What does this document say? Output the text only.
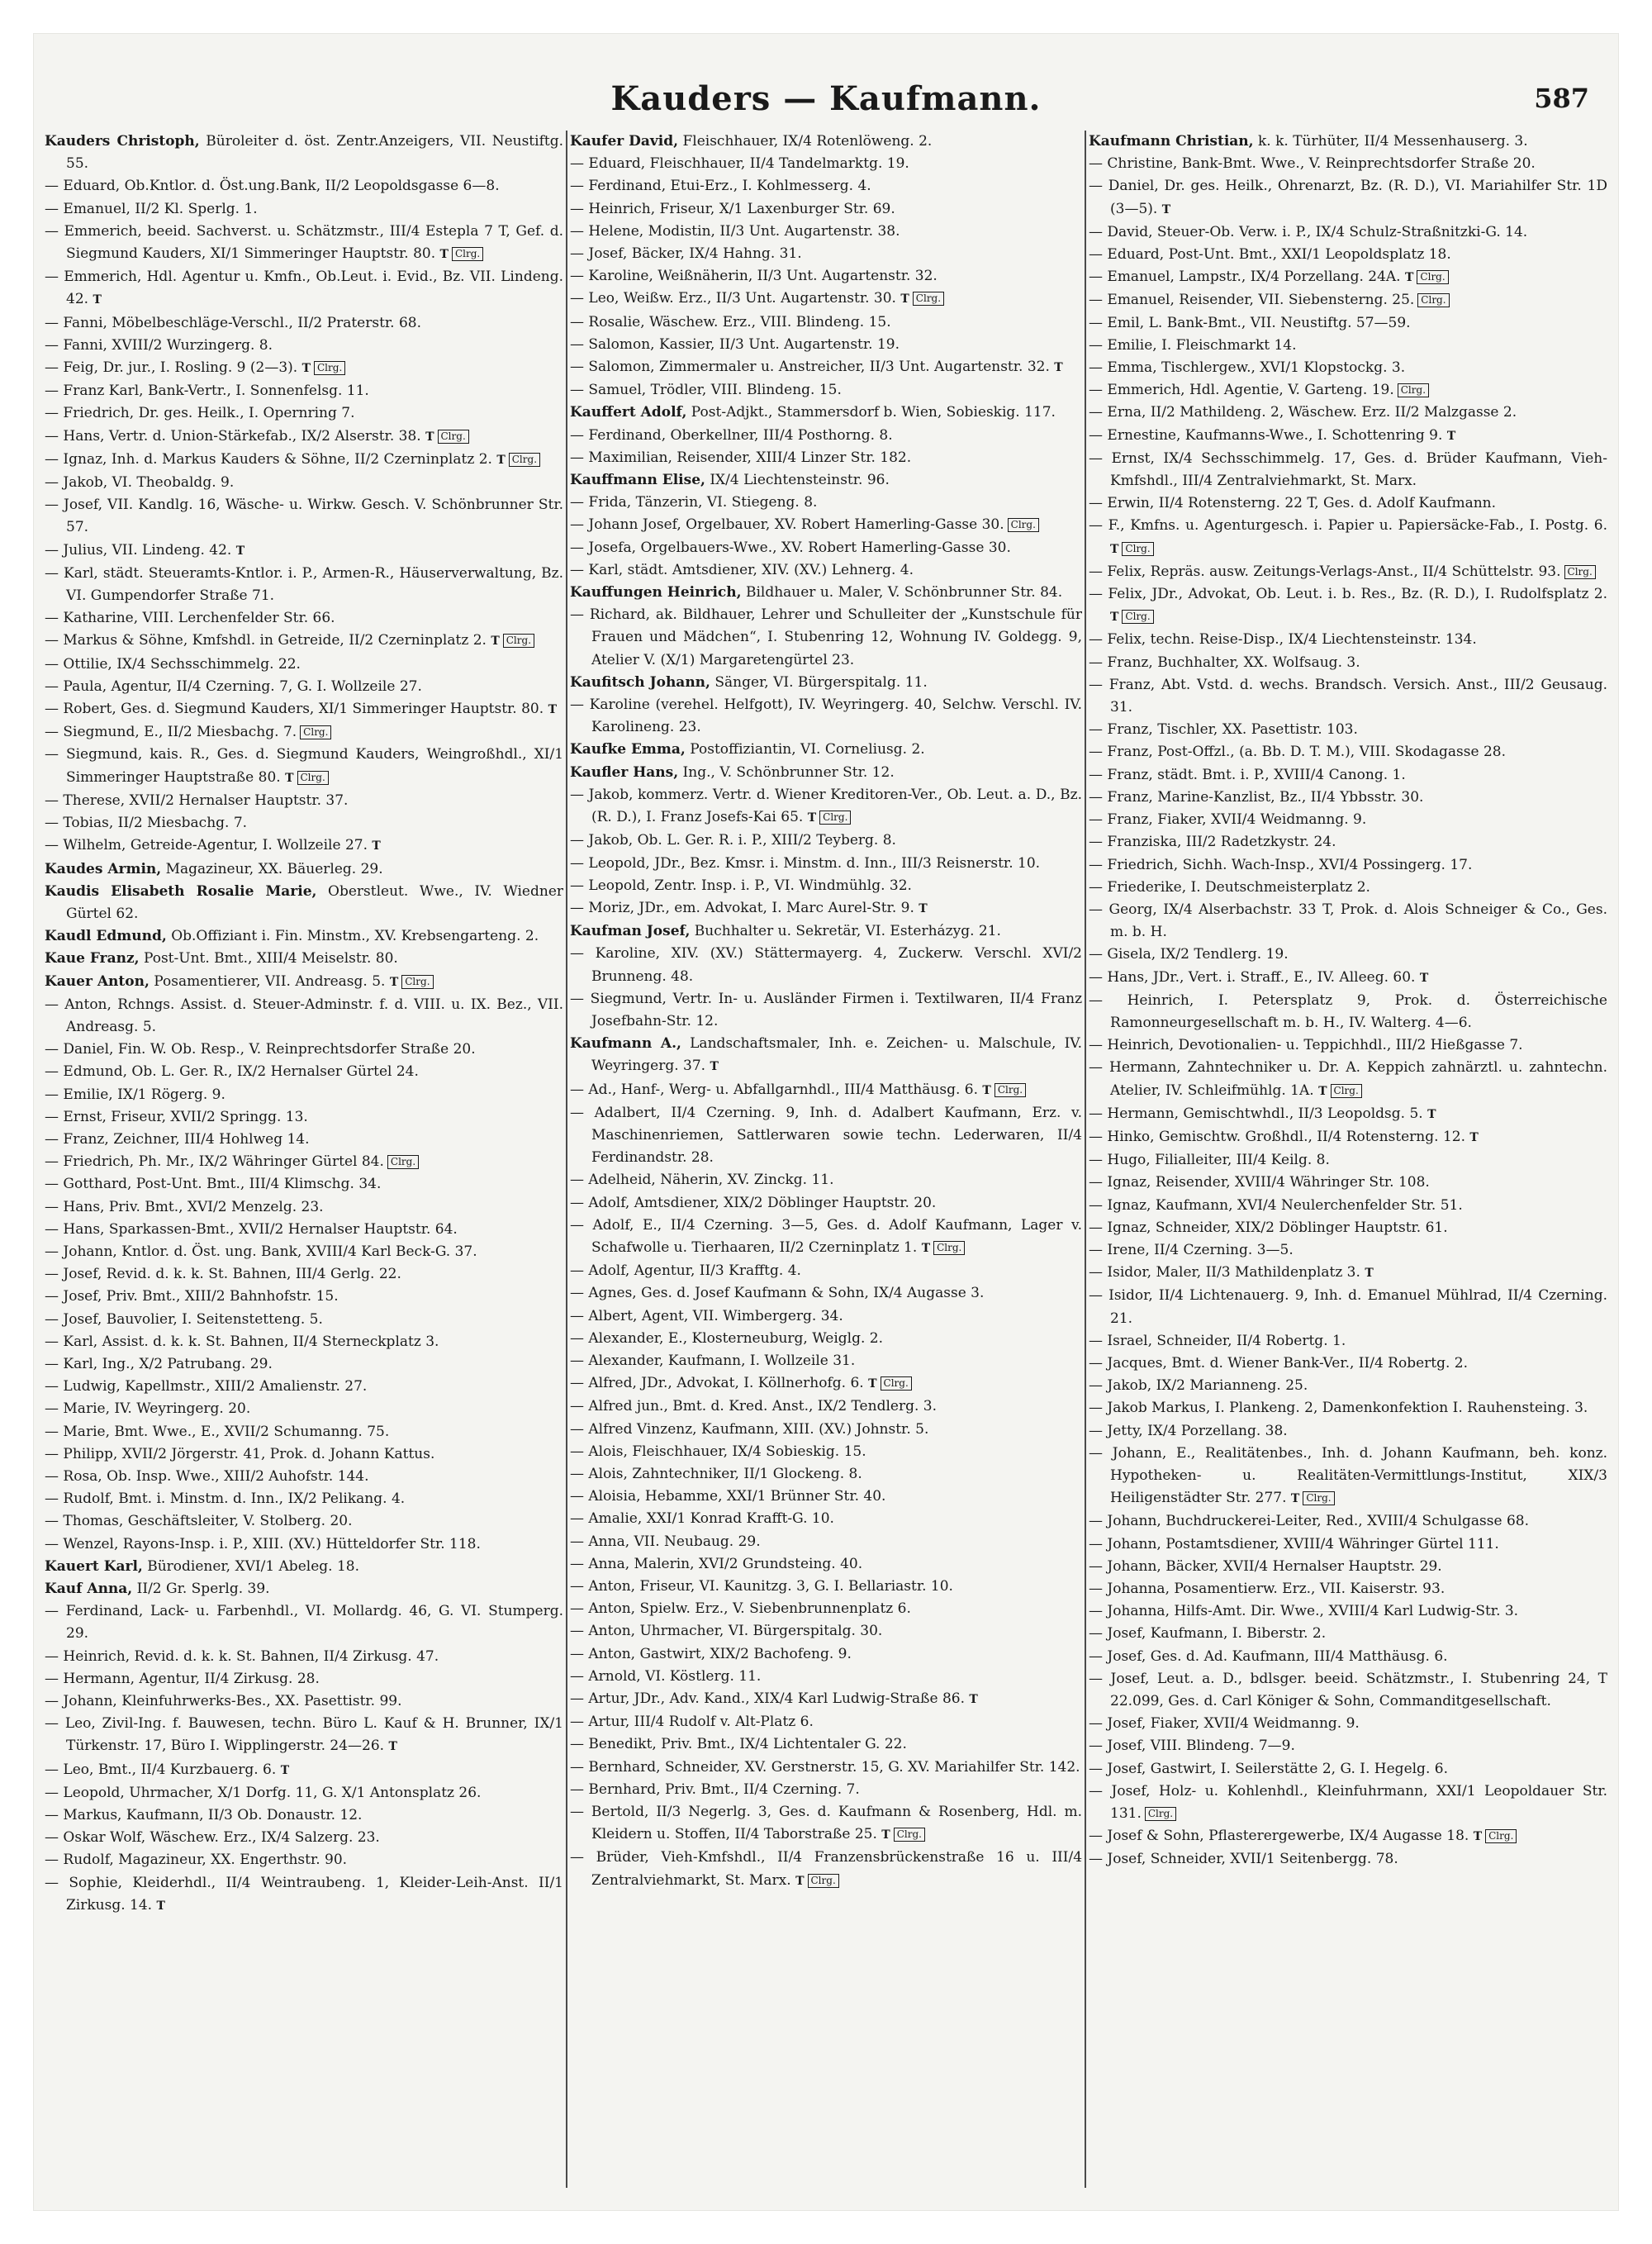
Kauders — Kaufmann.	587
Kauders Christoph, Büroleiter d. öst. Zentr.Anzeigers, VII. Neustiftg. 55.
— Eduard, Ob.Kntlor. d. Öst.ung.Bank, II/2 Leopoldsgasse 6—8.
— Emanuel, II/2 Kl. Sperlg. 1.
— Emmerich, beeid. Sachverst. u. Schätzmstr., III/4 Estepla 7 T, Gef. d. Siegmund Kauders, XI/1 Simmeringer Hauptstr. 80. T Clrg.
— Emmerich, Hdl. Agentur u. Kmfn., Ob.Leut. i. Evid., Bz. VII. Lindeng. 42. T
— Fanni, Möbelbeschläge-Verschl., II/2 Praterstr. 68.
— Fanni, XVIII/2 Wurzingerg. 8.
— Feig, Dr. jur., I. Rosling. 9 (2—3). T Clrg.
— Franz Karl, Bank-Vertr., I. Sonnenfelsg. 11.
— Friedrich, Dr. ges. Heilk., I. Opernring 7.
— Hans, Vertr. d. Union-Stärkefab., IX/2 Alserstr. 38. T Clrg.
— Ignaz, Inh. d. Markus Kauders & Söhne, II/2 Czerninplatz 2. T Clrg.
— Jakob, VI. Theobaldg. 9.
— Josef, VII. Kandlg. 16, Wäsche- u. Wirkw. Gesch. V. Schönbrunner Str. 57.
— Julius, VII. Lindeng. 42. T
— Karl, städt. Steueramts-Kntlor. i. P., Armen-R., Häuserverwaltung, Bz. VI. Gumpendorfer Straße 71.
— Katharine, VIII. Lerchenfelder Str. 66.
— Markus & Söhne, Kmfshdl. in Getreide, II/2 Czerninplatz 2. T Clrg.
— Ottilie, IX/4 Sechsschimmelg. 22.
— Paula, Agentur, II/4 Czerning. 7, G. I. Wollzeile 27.
— Robert, Ges. d. Siegmund Kauders, XI/1 Simmeringer Hauptstr. 80. T
— Siegmund, E., II/2 Miesbachg. 7. Clrg.
— Siegmund, kais. R., Ges. d. Siegmund Kauders, Weingroßhdl., XI/1 Simmeringer Hauptstraße 80. T Clrg.
— Therese, XVII/2 Hernalser Hauptstr. 37.
— Tobias, II/2 Miesbachg. 7.
— Wilhelm, Getreide-Agentur, I. Wollzeile 27. T
Kaudes Armin, Magazineur, XX. Bäuerleg. 29.
Kaudis Elisabeth Rosalie Marie, Oberstleut. Wwe., IV. Wiedner Gürtel 62.
Kaudl Edmund, Ob.Offiziant i. Fin. Minstm., XV. Krebsengarteng. 2.
Kaue Franz, Post-Unt. Bmt., XIII/4 Meiselstr. 80.
Kauer Anton, Posamentierer, VII. Andreasg. 5. T Clrg.
— Anton, Rchngs. Assist. d. Steuer-Adminstr. f. d. VIII. u. IX. Bez., VII. Andreasg. 5.
— Daniel, Fin. W. Ob. Resp., V. Reinprechtsdorfer Straße 20.
— Edmund, Ob. L. Ger. R., IX/2 Hernalser Gürtel 24.
— Emilie, IX/1 Rögerg. 9.
— Ernst, Friseur, XVII/2 Springg. 13.
— Franz, Zeichner, III/4 Hohlweg 14.
— Friedrich, Ph. Mr., IX/2 Währinger Gürtel 84. Clrg.
— Gotthard, Post-Unt. Bmt., III/4 Klimschg. 34.
— Hans, Priv. Bmt., XVI/2 Menzelg. 23.
— Hans, Sparkassen-Bmt., XVII/2 Hernalser Hauptstr. 64.
— Johann, Kntlor. d. Öst. ung. Bank, XVIII/4 Karl Beck-G. 37.
— Josef, Revid. d. k. k. St. Bahnen, III/4 Gerlg. 22.
— Josef, Priv. Bmt., XIII/2 Bahnhofstr. 15.
— Josef, Bauvolier, I. Seitenstetteng. 5.
— Karl, Assist. d. k. k. St. Bahnen, II/4 Sterneckplatz 3.
— Karl, Ing., X/2 Patrubang. 29.
— Ludwig, Kapellmstr., XIII/2 Amalienstr. 27.
— Marie, IV. Weyringerg. 20.
— Marie, Bmt. Wwe., E., XVII/2 Schumanng. 75.
— Philipp, XVII/2 Jörgerstr. 41, Prok. d. Johann Kattus.
— Rosa, Ob. Insp. Wwe., XIII/2 Auhofstr. 144.
— Rudolf, Bmt. i. Minstm. d. Inn., IX/2 Pelikang. 4.
— Thomas, Geschäftsleiter, V. Stolberg. 20.
— Wenzel, Rayons-Insp. i. P., XIII. (XV.) Hütteldorfer Str. 118.
Kauert Karl, Bürodiener, XVI/1 Abeleg. 18.
Kauf Anna, II/2 Gr. Sperlg. 39.
— Ferdinand, Lack- u. Farbenhdl., VI. Mollardg. 46, G. VI. Stumperg. 29.
— Heinrich, Revid. d. k. k. St. Bahnen, II/4 Zirkusg. 47.
— Hermann, Agentur, II/4 Zirkusg. 28.
— Johann, Kleinfuhrwerks-Bes., XX. Pasettistr. 99.
— Leo, Zivil-Ing. f. Bauwesen, techn. Büro L. Kauf & H. Brunner, IX/1 Türkenstr. 17, Büro I. Wipplingerstr. 24—26. T
— Leo, Bmt., II/4 Kurzbauerg. 6. T
— Leopold, Uhrmacher, X/1 Dorfg. 11, G. X/1 Antonsplatz 26.
— Markus, Kaufmann, II/3 Ob. Donaustr. 12.
— Oskar Wolf, Wäschew. Erz., IX/4 Salzerg. 23.
— Rudolf, Magazineur, XX. Engerthstr. 90.
— Sophie, Kleiderhdl., II/4 Weintraubeng. 1, Kleider-Leih-Anst. II/1 Zirkusg. 14. T
Kaufer David, Fleischhauer, IX/4 Rotenlöweng. 2.
— Eduard, Fleischhauer, II/4 Tandelmarktg. 19.
— Ferdinand, Etui-Erz., I. Kohlmesserg. 4.
— Heinrich, Friseur, X/1 Laxenburger Str. 69.
— Helene, Modistin, II/3 Unt. Augartenstr. 38.
— Josef, Bäcker, IX/4 Hahng. 31.
— Karoline, Weißnäherin, II/3 Unt. Augartenstr. 32.
— Leo, Weißw. Erz., II/3 Unt. Augartenstr. 30. T Clrg.
— Rosalie, Wäschew. Erz., VIII. Blindeng. 15.
— Salomon, Kassier, II/3 Unt. Augartenstr. 19.
— Salomon, Zimmermaler u. Anstreicher, II/3 Unt. Augartenstr. 32. T
— Samuel, Trödler, VIII. Blindeng. 15.
Kauffert Adolf, Post-Adjkt., Stammersdorf b. Wien, Sobieskig. 117.
— Ferdinand, Oberkellner, III/4 Posthorng. 8.
— Maximilian, Reisender, XIII/4 Linzer Str. 182.
Kauffmann Elise, IX/4 Liechtensteinstr. 96.
— Frida, Tänzerin, VI. Stiegeng. 8.
— Johann Josef, Orgelbauer, XV. Robert Hamerling-Gasse 30. Clrg.
— Josefa, Orgelbauers-Wwe., XV. Robert Hamerling-Gasse 30.
— Karl, städt. Amtsdiener, XIV. (XV.) Lehnerg. 4.
Kauffungen Heinrich, Bildhauer u. Maler, V. Schönbrunner Str. 84.
— Richard, ak. Bildhauer, Lehrer und Schulleiter der „Kunstschule für Frauen und Mädchen“, I. Stubenring 12, Wohnung IV. Goldegg. 9, Atelier V. (X/1) Margaretengürtel 23.
Kaufitsch Johann, Sänger, VI. Bürgerspitalg. 11.
— Karoline (verehel. Helfgott), IV. Weyringerg. 40, Selchw. Verschl. IV. Karolineng. 23.
Kaufke Emma, Postoffiziantin, VI. Corneliusg. 2.
Kaufler Hans, Ing., V. Schönbrunner Str. 12.
— Jakob, kommerz. Vertr. d. Wiener Kreditoren-Ver., Ob. Leut. a. D., Bz. (R. D.), I. Franz Josefs-Kai 65. T Clrg.
— Jakob, Ob. L. Ger. R. i. P., XIII/2 Teyberg. 8.
— Leopold, JDr., Bez. Kmsr. i. Minstm. d. Inn., III/3 Reisnerstr. 10.
— Leopold, Zentr. Insp. i. P., VI. Windmühlg. 32.
— Moriz, JDr., em. Advokat, I. Marc Aurel-Str. 9. T
Kaufman Josef, Buchhalter u. Sekretär, VI. Esterházyg. 21.
— Karoline, XIV. (XV.) Stättermayerg. 4, Zuckerw. Verschl. XVI/2 Brunneng. 48.
— Siegmund, Vertr. In- u. Ausländer Firmen i. Textilwaren, II/4 Franz Josefbahn-Str. 12.
Kaufmann A., Landschaftsmaler, Inh. e. Zeichen- u. Malschule, IV. Weyringerg. 37. T
— Ad., Hanf-, Werg- u. Abfallgarnhdl., III/4 Matthäusg. 6. T Clrg.
— Adalbert, II/4 Czerning. 9, Inh. d. Adalbert Kaufmann, Erz. v. Maschinenriemen, Sattlerwaren sowie techn. Lederwaren, II/4 Ferdinandstr. 28.
— Adelheid, Näherin, XV. Zinckg. 11.
— Adolf, Amtsdiener, XIX/2 Döblinger Hauptstr. 20.
— Adolf, E., II/4 Czerning. 3—5, Ges. d. Adolf Kaufmann, Lager v. Schafwolle u. Tierhaaren, II/2 Czerninplatz 1. T Clrg.
— Adolf, Agentur, II/3 Krafftg. 4.
— Agnes, Ges. d. Josef Kaufmann & Sohn, IX/4 Augasse 3.
— Albert, Agent, VII. Wimbergerg. 34.
— Alexander, E., Klosterneuburg, Weiglg. 2.
— Alexander, Kaufmann, I. Wollzeile 31.
— Alfred, JDr., Advokat, I. Köllnerhofg. 6. T Clrg.
— Alfred jun., Bmt. d. Kred. Anst., IX/2 Tendlerg. 3.
— Alfred Vinzenz, Kaufmann, XIII. (XV.) Johnstr. 5.
— Alois, Fleischhauer, IX/4 Sobieskig. 15.
— Alois, Zahntechniker, II/1 Glockeng. 8.
— Aloisia, Hebamme, XXI/1 Brünner Str. 40.
— Amalie, XXI/1 Konrad Krafft-G. 10.
— Anna, VII. Neubaug. 29.
— Anna, Malerin, XVI/2 Grundsteing. 40.
— Anton, Friseur, VI. Kaunitzg. 3, G. I. Bellariastr. 10.
— Anton, Spielw. Erz., V. Siebenbrunnenplatz 6.
— Anton, Uhrmacher, VI. Bürgerspitalg. 30.
— Anton, Gastwirt, XIX/2 Bachofeng. 9.
— Arnold, VI. Köstlerg. 11.
— Artur, JDr., Adv. Kand., XIX/4 Karl Ludwig-Straße 86. T
— Artur, III/4 Rudolf v. Alt-Platz 6.
— Benedikt, Priv. Bmt., IX/4 Lichtentaler G. 22.
— Bernhard, Schneider, XV. Gerstnerstr. 15, G. XV. Mariahilfer Str. 142.
— Bernhard, Priv. Bmt., II/4 Czerning. 7.
— Bertold, II/3 Negerlg. 3, Ges. d. Kaufmann & Rosenberg, Hdl. m. Kleidern u. Stoffen, II/4 Taborstraße 25. T Clrg.
— Brüder, Vieh-Kmfshdl., II/4 Franzensbrückenstraße 16 u. III/4 Zentralviehmarkt, St. Marx. T Clrg.
Kaufmann Christian, k. k. Türhüter, II/4 Messenhauserg. 3.
— Christine, Bank-Bmt. Wwe., V. Reinprechtsdorfer Straße 20.
— Daniel, Dr. ges. Heilk., Ohrenarzt, Bz. (R. D.), VI. Mariahilfer Str. 1D (3—5). T
— David, Steuer-Ob. Verw. i. P., IX/4 Schulz-Straßnitzki-G. 14.
— Eduard, Post-Unt. Bmt., XXI/1 Leopoldsplatz 18.
— Emanuel, Lampstr., IX/4 Porzellang. 24A. T Clrg.
— Emanuel, Reisender, VII. Siebensterng. 25. Clrg.
— Emil, L. Bank-Bmt., VII. Neustiftg. 57—59.
— Emilie, I. Fleischmarkt 14.
— Emma, Tischlergew., XVI/1 Klopstockg. 3.
— Emmerich, Hdl. Agentie, V. Garteng. 19. Clrg.
— Erna, II/2 Mathildeng. 2, Wäschew. Erz. II/2 Malzgasse 2.
— Ernestine, Kaufmanns-Wwe., I. Schottenring 9. T
— Ernst, IX/4 Sechsschimmelg. 17, Ges. d. Brüder Kaufmann, Vieh-Kmfshdl., III/4 Zentralviehmarkt, St. Marx.
— Erwin, II/4 Rotensterng. 22 T, Ges. d. Adolf Kaufmann.
— F., Kmfns. u. Agenturgesch. i. Papier u. Papiersäcke-Fab., I. Postg. 6. T Clrg.
— Felix, Repräs. ausw. Zeitungs-Verlags-Anst., II/4 Schüttelstr. 93. Clrg.
— Felix, JDr., Advokat, Ob. Leut. i. b. Res., Bz. (R. D.), I. Rudolfsplatz 2. T Clrg.
— Felix, techn. Reise-Disp., IX/4 Liechtensteinstr. 134.
— Franz, Buchhalter, XX. Wolfsaug. 3.
— Franz, Abt. Vstd. d. wechs. Brandsch. Versich. Anst., III/2 Geusaug. 31.
— Franz, Tischler, XX. Pasettistr. 103.
— Franz, Post-Offzl., (a. Bb. D. T. M.), VIII. Skodagasse 28.
— Franz, städt. Bmt. i. P., XVIII/4 Canong. 1.
— Franz, Marine-Kanzlist, Bz., II/4 Ybbsstr. 30.
— Franz, Fiaker, XVII/4 Weidmanng. 9.
— Franziska, III/2 Radetzkystr. 24.
— Friedrich, Sichh. Wach-Insp., XVI/4 Possingerg. 17.
— Friederike, I. Deutschmeisterplatz 2.
— Georg, IX/4 Alserbachstr. 33 T, Prok. d. Alois Schneiger & Co., Ges. m. b. H.
— Gisela, IX/2 Tendlerg. 19.
— Hans, JDr., Vert. i. Straff., E., IV. Alleeg. 60. T
— Heinrich, I. Petersplatz 9, Prok. d. Österreichische Ramonneurgesellschaft m. b. H., IV. Walterg. 4—6.
— Heinrich, Devotionalien- u. Teppichhdl., III/2 Hießgasse 7.
— Hermann, Zahntechniker u. Dr. A. Keppich zahnärztl. u. zahntechn. Atelier, IV. Schleifmühlg. 1A. T Clrg.
— Hermann, Gemischtwhdl., II/3 Leopoldsg. 5. T
— Hinko, Gemischtw. Großhdl., II/4 Rotensterng. 12. T
— Hugo, Filialleiter, III/4 Keilg. 8.
— Ignaz, Reisender, XVIII/4 Währinger Str. 108.
— Ignaz, Kaufmann, XVI/4 Neulerchenfelder Str. 51.
— Ignaz, Schneider, XIX/2 Döblinger Hauptstr. 61.
— Irene, II/4 Czerning. 3—5.
— Isidor, Maler, II/3 Mathildenplatz 3. T
— Isidor, II/4 Lichtenauerg. 9, Inh. d. Emanuel Mühlrad, II/4 Czerning. 21.
— Israel, Schneider, II/4 Robertg. 1.
— Jacques, Bmt. d. Wiener Bank-Ver., II/4 Robertg. 2.
— Jakob, IX/2 Marianneng. 25.
— Jakob Markus, I. Plankeng. 2, Damenkonfektion I. Rauhensteing. 3.
— Jetty, IX/4 Porzellang. 38.
— Johann, E., Realitätenbes., Inh. d. Johann Kaufmann, beh. konz. Hypotheken- u. Realitäten-Vermittlungs-Institut, XIX/3 Heiligenstädter Str. 277. T Clrg.
— Johann, Buchdruckerei-Leiter, Red., XVIII/4 Schulgasse 68.
— Johann, Postamtsdiener, XVIII/4 Währinger Gürtel 111.
— Johann, Bäcker, XVII/4 Hernalser Hauptstr. 29.
— Johanna, Posamentierw. Erz., VII. Kaiserstr. 93.
— Johanna, Hilfs-Amt. Dir. Wwe., XVIII/4 Karl Ludwig-Str. 3.
— Josef, Kaufmann, I. Biberstr. 2.
— Josef, Ges. d. Ad. Kaufmann, III/4 Matthäusg. 6.
— Josef, Leut. a. D., bdlsger. beeid. Schätzmstr., I. Stubenring 24, T 22.099, Ges. d. Carl Königer & Sohn, Commanditgesellschaft.
— Josef, Fiaker, XVII/4 Weidmanng. 9.
— Josef, VIII. Blindeng. 7—9.
— Josef, Gastwirt, I. Seilerstätte 2, G. I. Hegelg. 6.
— Josef, Holz- u. Kohlenhdl., Kleinfuhrmann, XXI/1 Leopoldauer Str. 131. Clrg.
— Josef & Sohn, Pflasterergewerbe, IX/4 Augasse 18. T Clrg.
— Josef, Schneider, XVII/1 Seitenbergg. 78.
